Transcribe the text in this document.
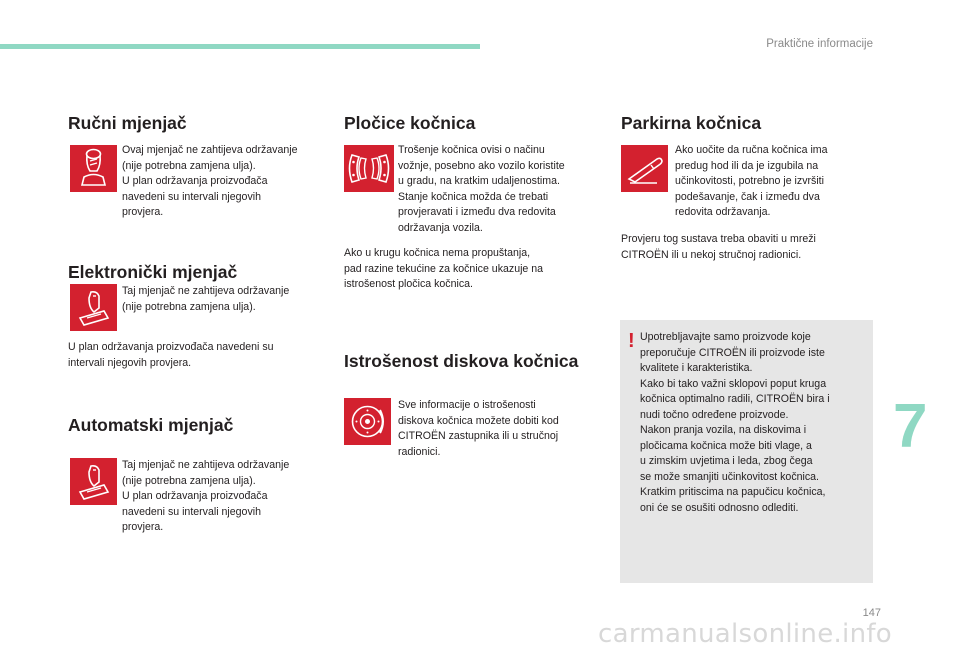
Praktične informacije
Ručni mjenjač

Ovaj mjenjač ne zahtijeva održavanje
(nije potrebna zamjena ulja).
U plan održavanja proizvođača
navedeni su intervali njegovih
provjera.

Elektronički mjenjač

Taj mjenjač ne zahtijeva održavanje
(nije potrebna zamjena ulja).

U plan održavanja proizvođača navedeni su
intervali njegovih provjera.

Automatski mjenjač

Taj mjenjač ne zahtijeva održavanje
(nije potrebna zamjena ulja).
U plan održavanja proizvođača
navedeni su intervali njegovih
provjera.

Pločice kočnica

Trošenje kočnica ovisi o načinu
vožnje, posebno ako vozilo koristite
u gradu, na kratkim udaljenostima.
Stanje kočnica možda će trebati
provjeravati i između dva redovita
održavanja vozila.

Ako u krugu kočnica nema propuštanja,
pad razine tekućine za kočnice ukazuje na
istrošenost pločica kočnica.

Istrošenost diskova kočnica

Sve informacije o istrošenosti
diskova kočnica možete dobiti kod
CITROËN zastupnika ili u stručnoj
radionici.

Parkirna kočnica

Ako uočite da ručna kočnica ima
predug hod ili da je izgubila na
učinkovitosti, potrebno je izvršiti
podešavanje, čak i između dva
redovita održavanja.

Provjeru tog sustava treba obaviti u mreži
CITROËN ili u nekoj stručnoj radionici.

! Upotrebljavajte samo proizvode koje
preporučuje CITROËN ili proizvode iste
kvalitete i karakteristika.
Kako bi tako važni sklopovi poput kruga
kočnica optimalno radili, CITROËN bira i
nudi točno određene proizvode.
Nakon pranja vozila, na diskovima i
pločicama kočnica može biti vlage, a
u zimskim uvjetima i leda, zbog čega
se može smanjiti učinkovitost kočnica.
Kratkim pritiscima na papučicu kočnica,
oni će se osušiti odnosno odlediti.

7
147
carmanualsonline.info
